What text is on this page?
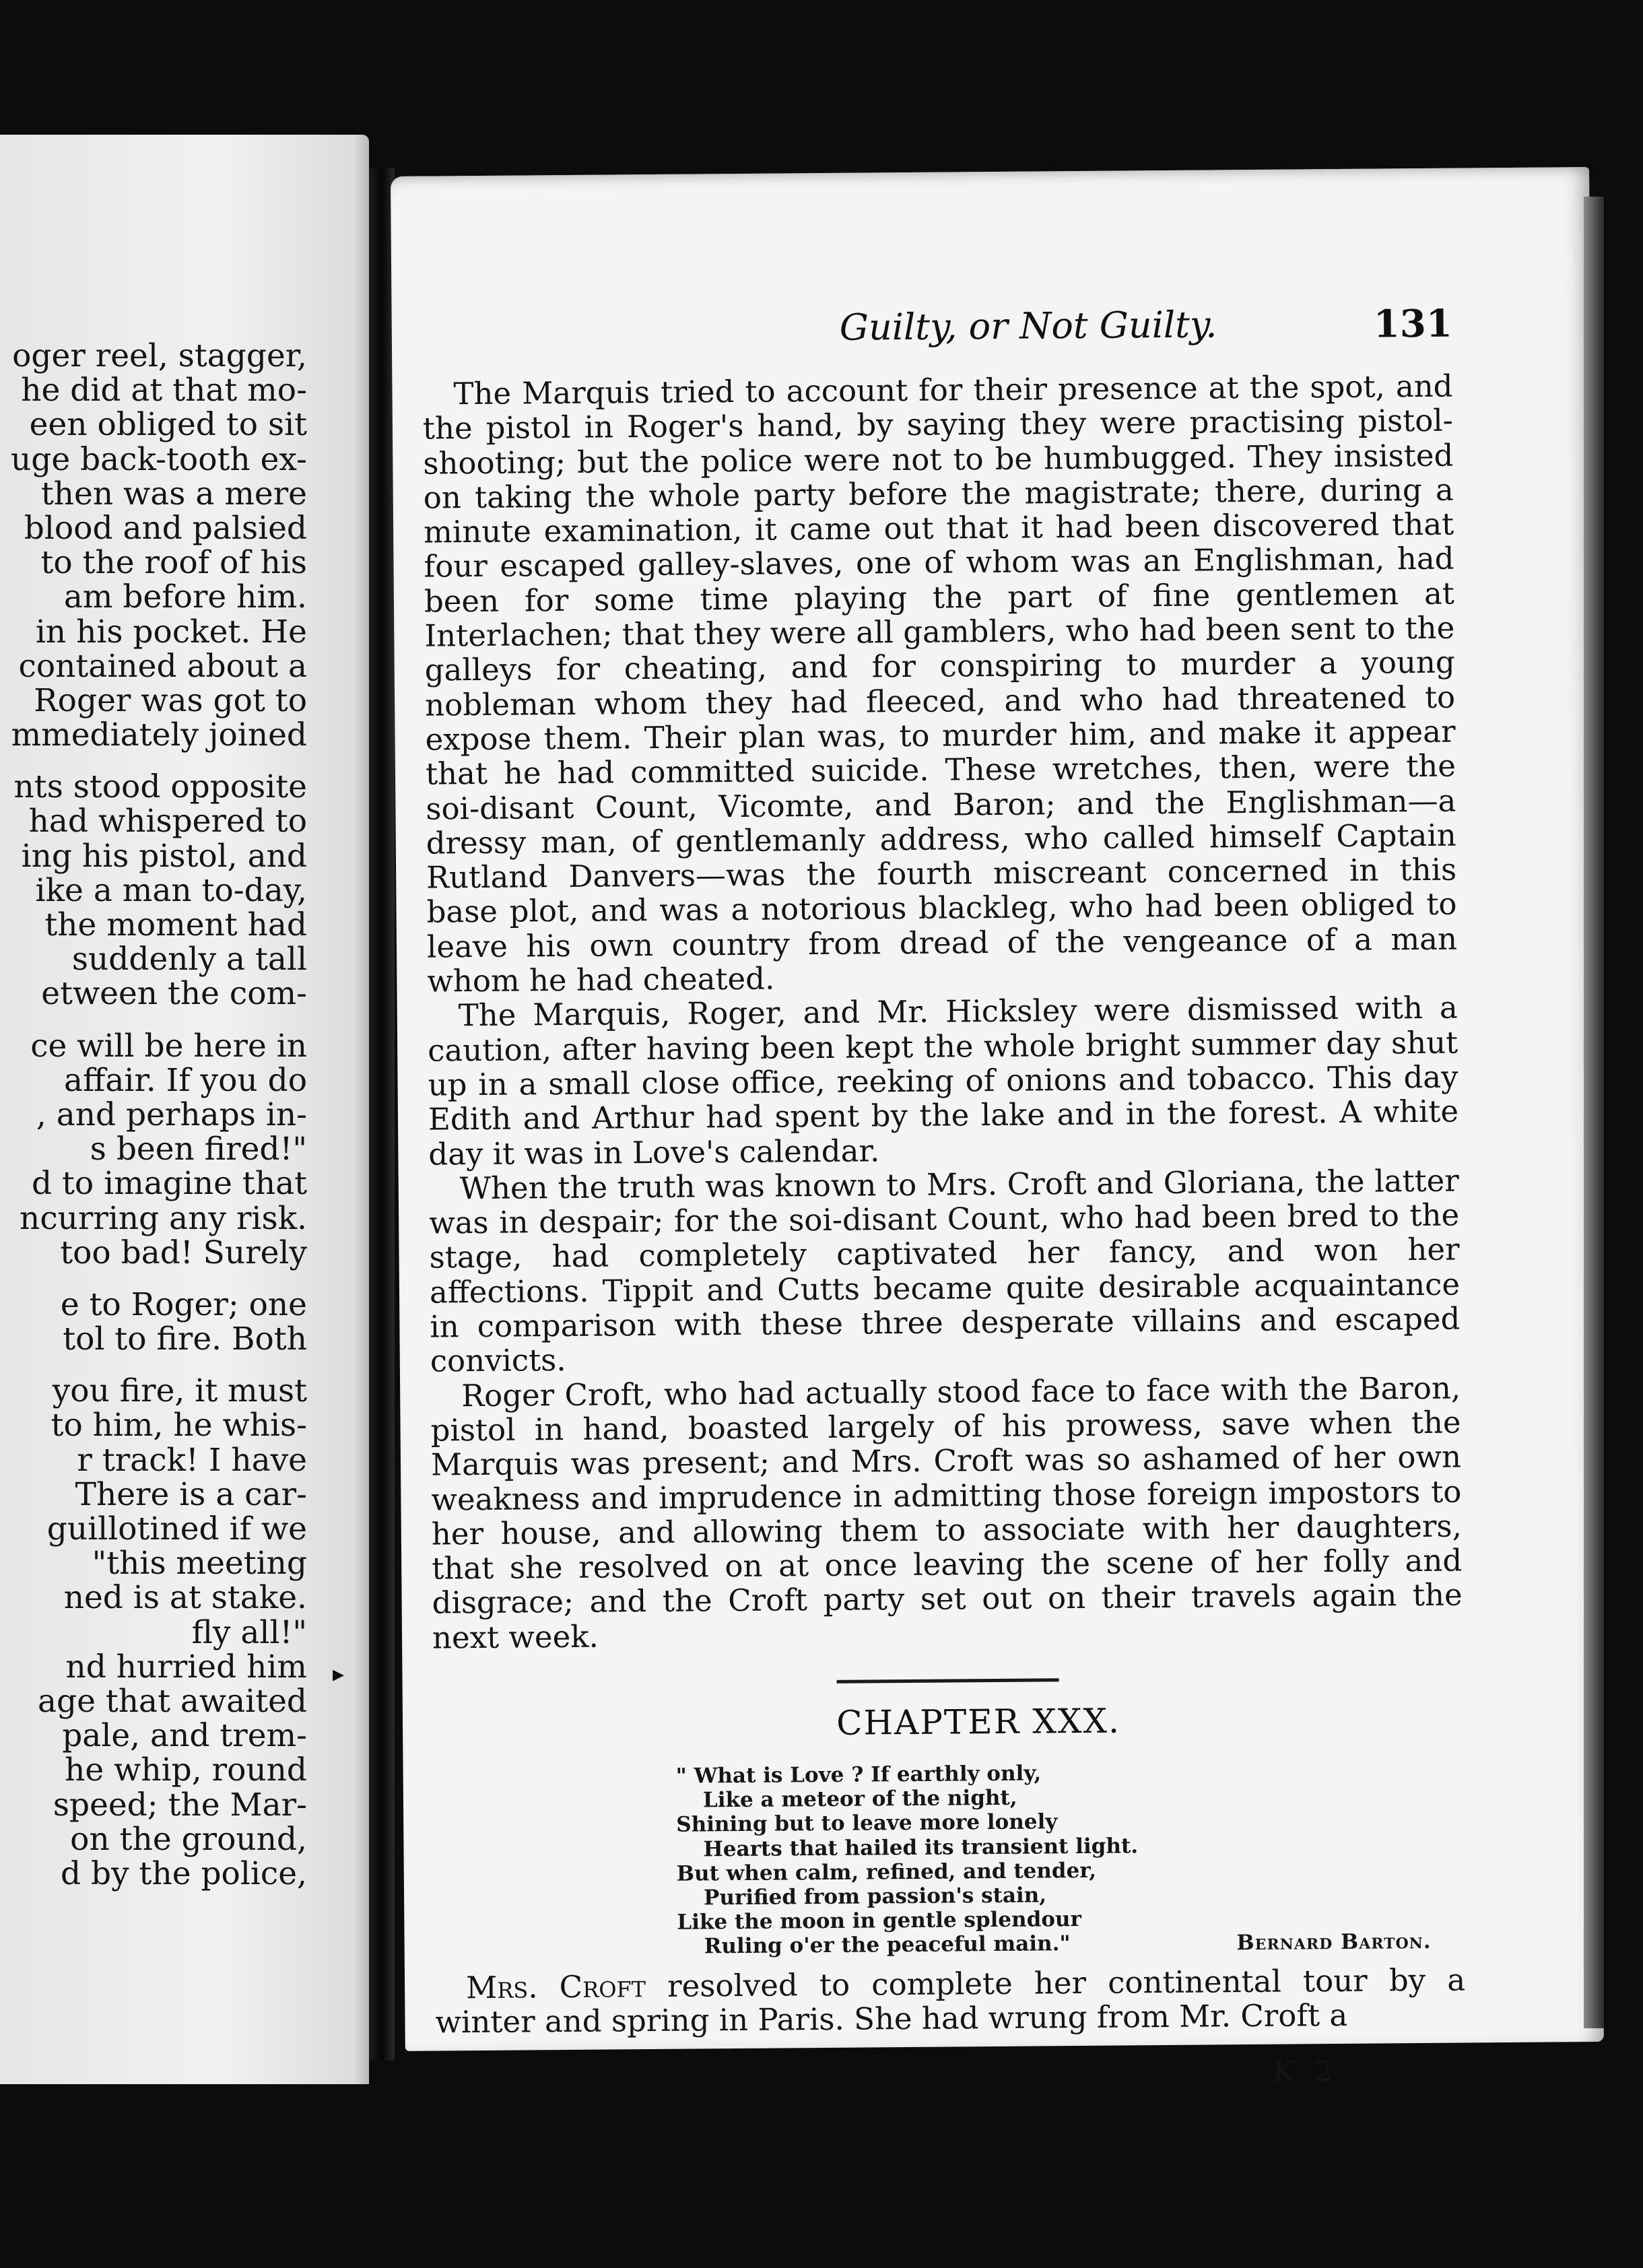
oger reel, stagger,
he did at that mo-
een obliged to sit
uge back-tooth ex-
then was a mere
blood and palsied
to the roof of his
am before him.
in his pocket. He
contained about a
Roger was got to
mmediately joined
nts stood opposite
had whispered to
ing his pistol, and
ike a man to-day,
the moment had
suddenly a tall
etween the com-
ce will be here in
affair. If you do
, and perhaps in-
s been fired!"
d to imagine that
ncurring any risk.
too bad! Surely
e to Roger; one
tol to fire. Both
you fire, it must
to him, he whis-
r track! I have
There is a car-
guillotined if we
"this meeting
ned is at stake.
fly all!"
nd hurried him
age that awaited
pale, and trem-
he whip, round
speed; the Mar-
on the ground,
d by the police,
▸
Guilty, or Not Guilty.	131

The Marquis tried to account for their presence at the spot, and the pistol in Roger's hand, by saying they were practising pistol-shooting; but the police were not to be humbugged. They insisted on taking the whole party before the magistrate; there, during a minute examination, it came out that it had been discovered that four escaped galley-slaves, one of whom was an Englishman, had been for some time playing the part of fine gentlemen at Interlachen; that they were all gamblers, who had been sent to the galleys for cheating, and for conspiring to murder a young nobleman whom they had fleeced, and who had threatened to expose them. Their plan was, to murder him, and make it appear that he had committed suicide. These wretches, then, were the soi-disant Count, Vicomte, and Baron; and the Englishman—a dressy man, of gentlemanly address, who called himself Captain Rutland Danvers—was the fourth miscreant concerned in this base plot, and was a notorious blackleg, who had been obliged to leave his own country from dread of the vengeance of a man whom he had cheated.

The Marquis, Roger, and Mr. Hicksley were dismissed with a caution, after having been kept the whole bright summer day shut up in a small close office, reeking of onions and tobacco. This day Edith and Arthur had spent by the lake and in the forest. A white day it was in Love's calendar.

When the truth was known to Mrs. Croft and Gloriana, the latter was in despair; for the soi-disant Count, who had been bred to the stage, had completely captivated her fancy, and won her affections. Tippit and Cutts became quite desirable acquaintance in comparison with these three desperate villains and escaped convicts.

Roger Croft, who had actually stood face to face with the Baron, pistol in hand, boasted largely of his prowess, save when the Marquis was present; and Mrs. Croft was so ashamed of her own weakness and imprudence in admitting those foreign impostors to her house, and allowing them to associate with her daughters, that she resolved on at once leaving the scene of her folly and disgrace; and the Croft party set out on their travels again the next week.

CHAPTER XXX.
" What is Love ? If earthly only,
Like a meteor of the night,
Shining but to leave more lonely
Hearts that hailed its transient light.
But when calm, refined, and tender,
Purified from passion's stain,
Like the moon in gentle splendour
Ruling o'er the peaceful main."	Bernard Barton.

Mrs. Croft resolved to complete her continental tour by a winter and spring in Paris. She had wrung from Mr. Croft a

K 2
